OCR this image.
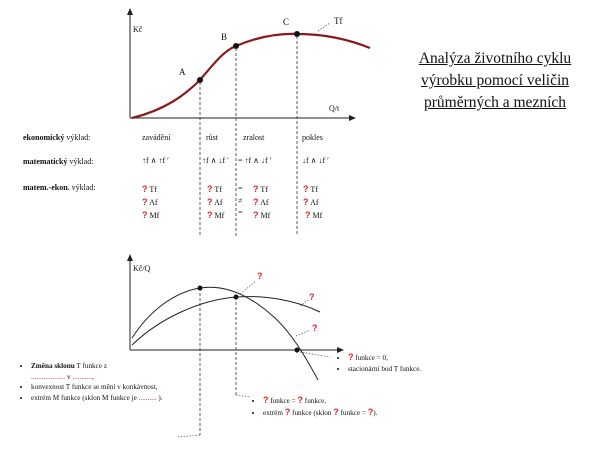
Kč
Q/t
Tf
A
B
C
Analýza životního cyklu výrobku pomocí veličin průměrných a mezních
ekonomický výklad:	zavádění	růst	zralost	pokles
matematický výklad:	↑f ∧ ↑f ′	↑f ∧ ↓f ′ = ↑f ∧ ↓f ′	↓f ∧ ↓f ′
matem.-ekon. výklad:	? Tf
? Af
? Mf
? Tf
? Af
? Mf
=
≠
=
? Tf
? Af
? Mf
? Tf
? Af
? Mf
Kč/Q
?
?
?
• Změna sklonu T funkce z
................... v ...........,
• konvexnost T funkce se mění v konkávnost,
• extrém M funkce (sklon M funkce je .......... ).
•	? funkce = ? funkce,
• extrém ? funkce (sklon ? funkce = ?).
• ? funkce = 0,
• stacionární bod T funkce.
